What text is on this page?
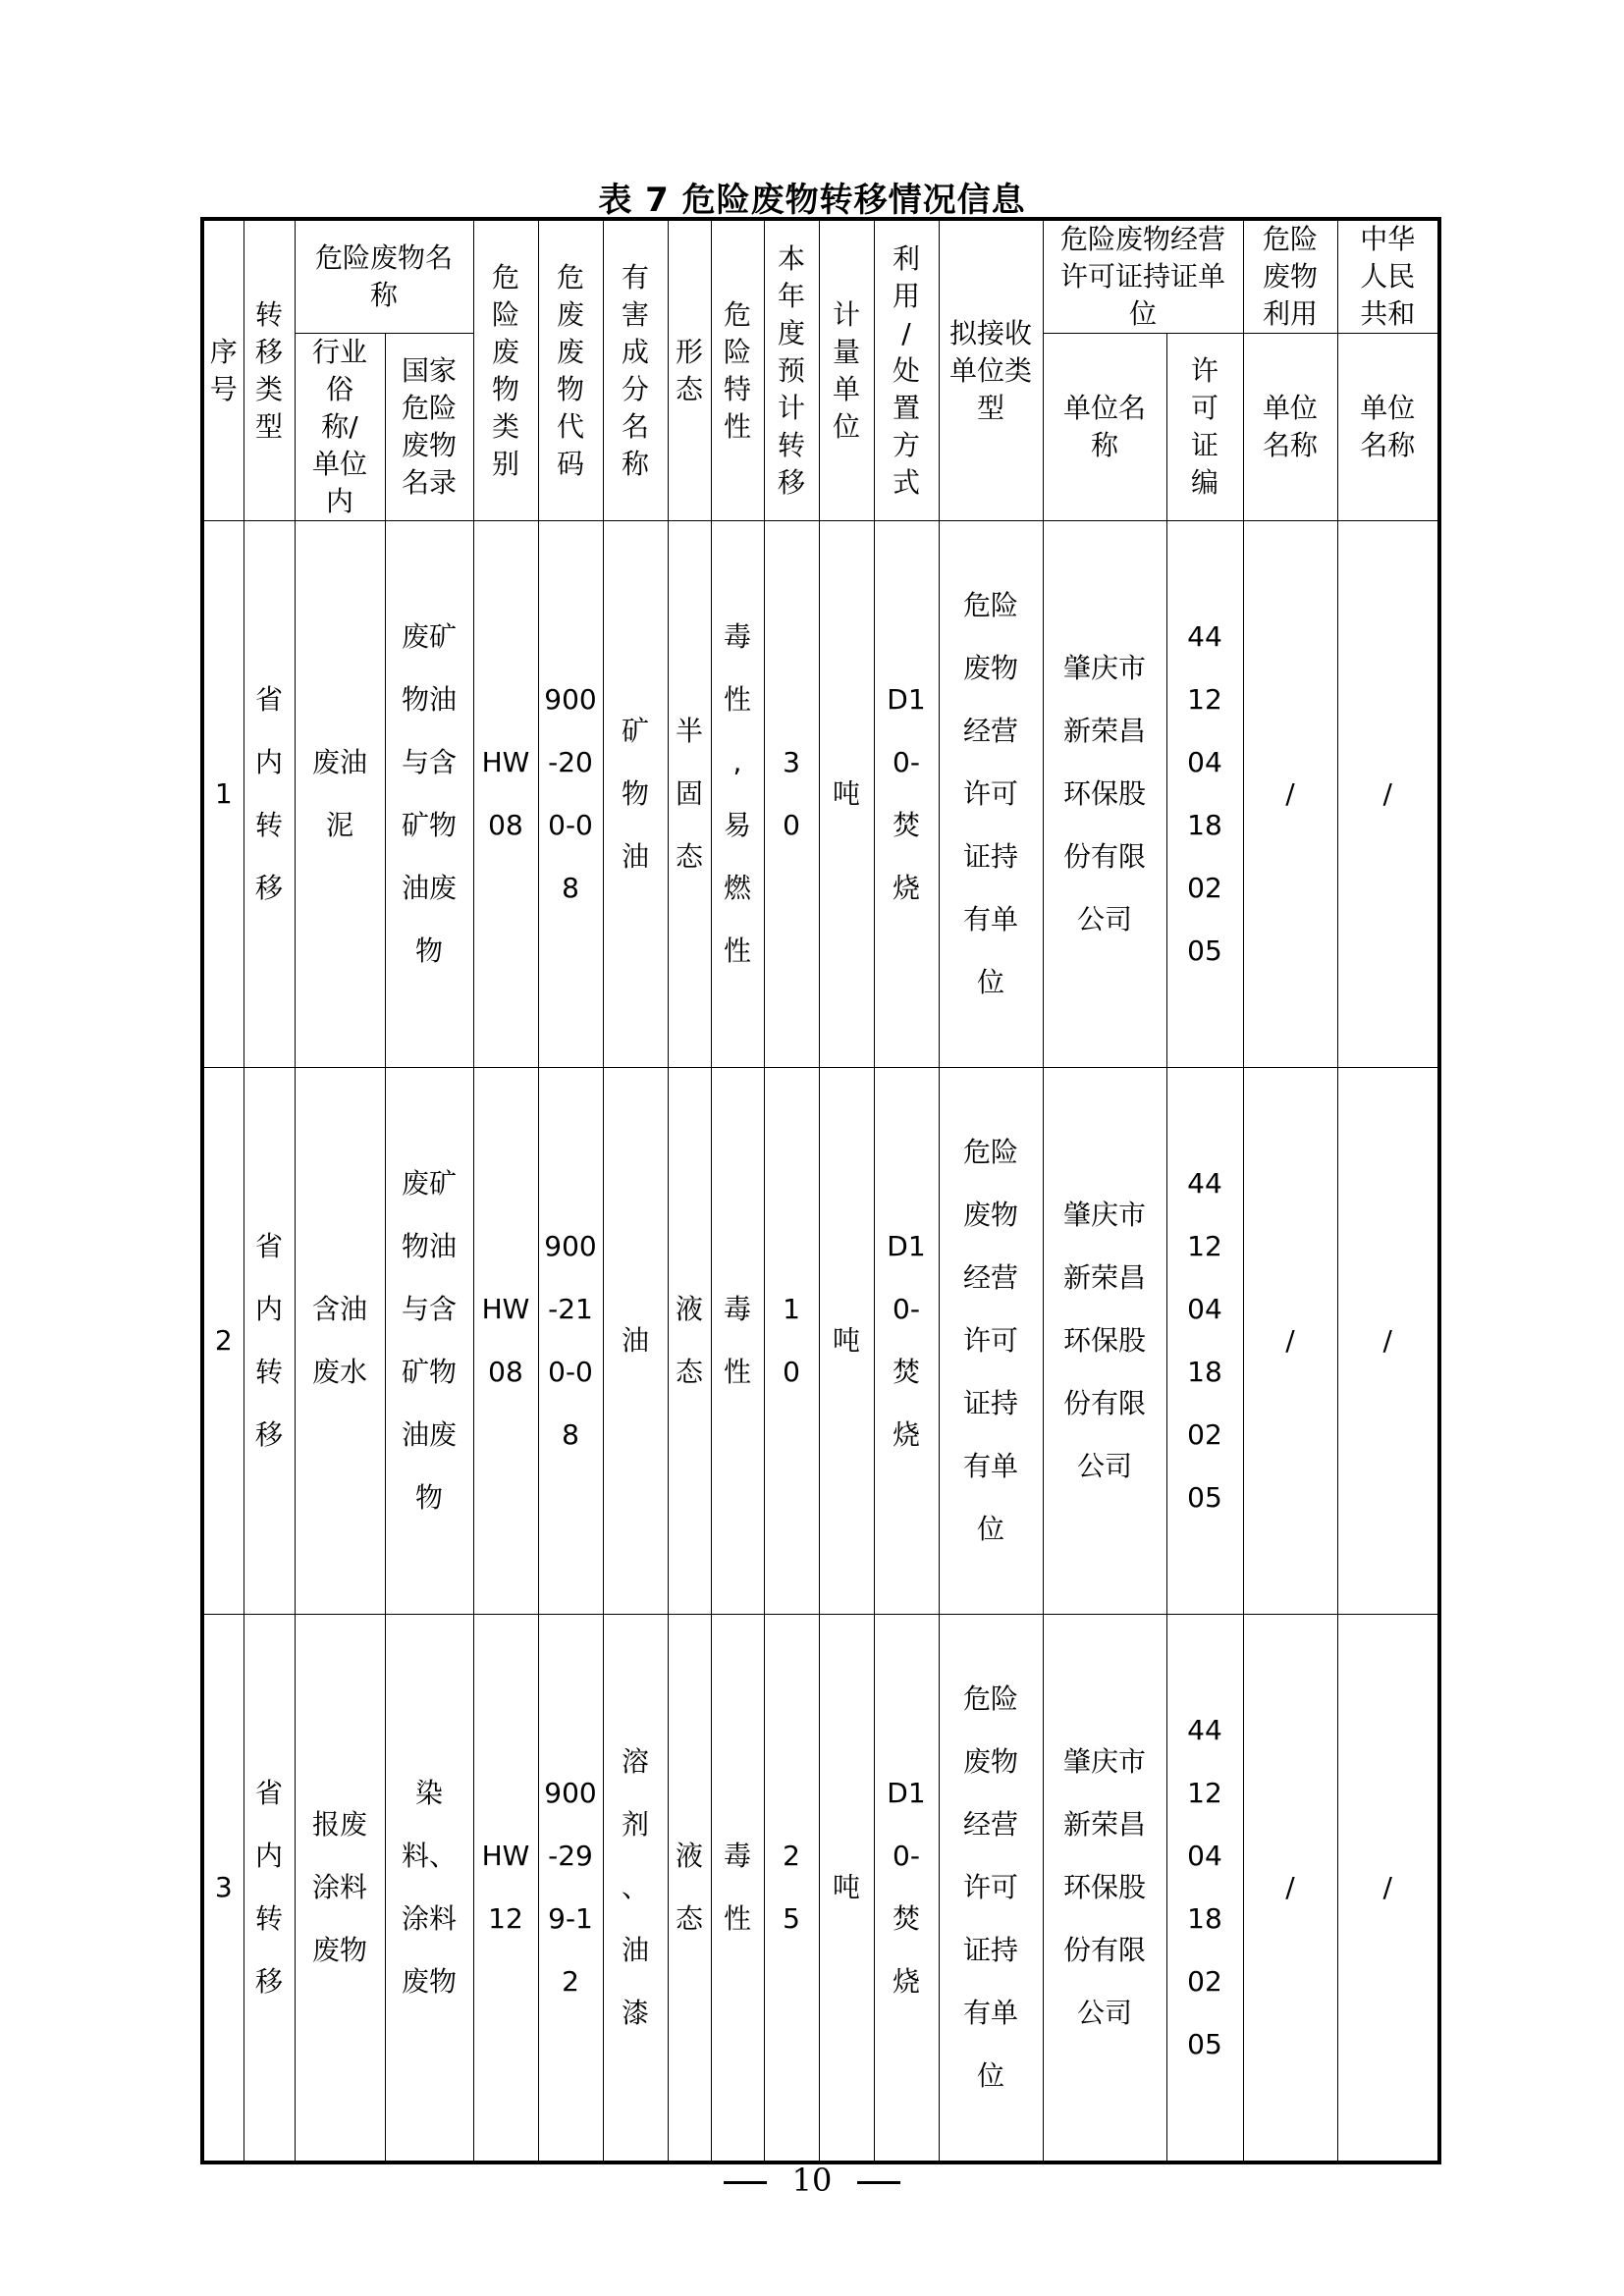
表 7 危险废物转移情况信息
序号	转移类型	危险废物名称		危险废物类别	危废废物代码	有害成分名称	形态	危险特性	本年度预计转移	计量单位	利用/处置方式	拟接收单位类型	危险废物经营许可证持证单位		危险废物利用	中华人民共和

		行业俗称/单位内	国家危险废物名录										单位名称	许可证编	单位名称	单位名称

1	省内转移	废油泥	废矿物油与含矿物油废物	HW08	900-200-08	矿物油	半固态	毒性,易燃性	30	吨	D10-焚烧	危险废物经营许可证持有单位	肇庆市新荣昌环保股份有限公司	441204180205	/	/
2	省内转移	含油废水	废矿物油与含矿物油废物	HW08	900-210-08	油	液态	毒性	10	吨	D10-焚烧	危险废物经营许可证持有单位	肇庆市新荣昌环保股份有限公司	441204180205	/	/
3	省内转移	报废涂料废物	染料、涂料废物	HW12	900-299-12	溶剂、油漆	液态	毒性	25	吨	D10-焚烧	危险废物经营许可证持有单位	肇庆市新荣昌环保股份有限公司	441204180205	/	/
10
